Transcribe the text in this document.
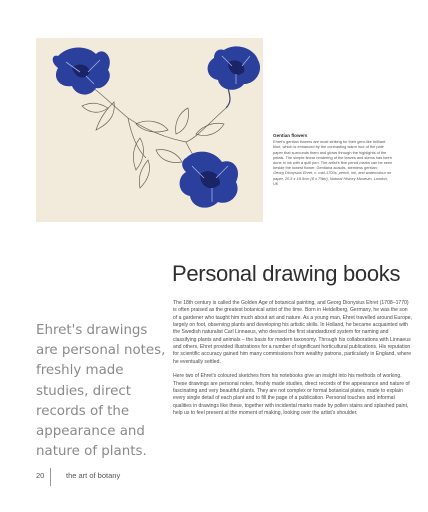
Gentian flowers
Ehret's gentian flowers are most striking for their gem-like brilliant blue, which is enhanced by the contrasting warm hue of the pale paper that surrounds them and glows through the highlights of the petals. The simple linear rendering of the leaves and stems has been done in ink with a quill pen. The artist's fine pencil marks can be seen beside the lowest flower. Gentiana acaulis, stemless gentian;
Georg Dionysius Ehret, c. mid-1700s, pencil, ink, and watercolour on paper, 20.5 x 19.5cm (8 x 7⅝in), Natural History Museum, London, UK
Personal drawing books
Ehret's drawings are personal notes, freshly made studies, direct records of the appearance and nature of plants.

The 18th century is called the Golden Age of botanical painting, and Georg Dionysius Ehret (1708–1770) is often praised as the greatest botanical artist of the time. Born in Heidelberg, Germany, he was the son of a gardener who taught him much about art and nature. As a young man, Ehret travelled around Europe, largely on foot, observing plants and developing his artistic skills. In Holland, he became acquainted with the Swedish naturalist Carl Linnaeus, who devised the first standardized system for naming and classifying plants and animals – the basis for modern taxonomy. Through his collaborations with Linnaeus and others, Ehret provided illustrations for a number of significant horticultural publications. His reputation for scientific accuracy gained him many commissions from wealthy patrons, particularly in England, where he eventually settled.

Here two of Ehret's coloured sketches from his notebooks give an insight into his methods of working. These drawings are personal notes, freshly made studies, direct records of the appearance and nature of fascinating and very beautiful plants. They are not complex or formal botanical plates, made to explain every single detail of each plant and to fill the page of a publication. Personal touches and informal qualities in drawings like these, together with incidental marks made by pollen stains and splashed paint, help us to feel present at the moment of making, looking over the artist's shoulder.

20	the art of botany
